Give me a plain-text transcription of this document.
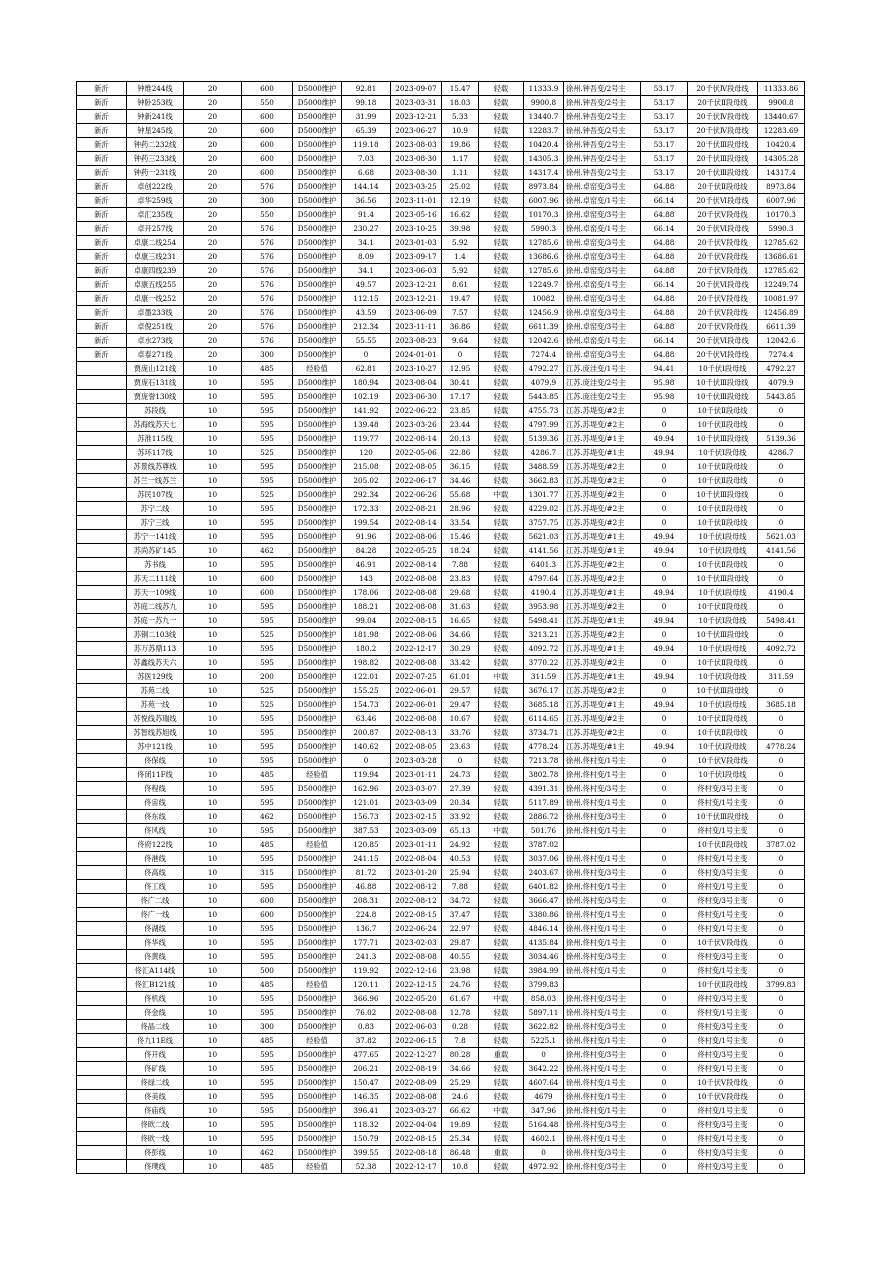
新沂	钟维244线	20	600	D5000维护	92.81	2023-09-07	15.47	轻载	11333.9	徐州.钟吾变/2号主	53.17	20千伏Ⅳ段母线	11333.86
新沂	钟卧253线	20	550	D5000维护	99.18	2023-03-31	18.03	轻载	9900.8	徐州.钟吾变/2号主	53.17	20千伏Ⅱ段母线	9900.8
新沂	钟新241线	20	600	D5000维护	31.99	2023-12-21	5.33	轻载	13440.7	徐州.钟吾变/2号主	53.17	20千伏Ⅳ段母线	13440.67
新沂	钟星245线	20	600	D5000维护	65.39	2023-06-27	10.9	轻载	12283.7	徐州.钟吾变/2号主	53.17	20千伏Ⅳ段母线	12283.69
新沂	钟药二232线	20	600	D5000维护	119.18	2023-08-03	19.86	轻载	10420.4	徐州.钟吾变/2号主	53.17	20千伏Ⅲ段母线	10420.4
新沂	钟药三233线	20	600	D5000维护	7.03	2023-08-30	1.17	轻载	14305.3	徐州.钟吾变/2号主	53.17	20千伏Ⅲ段母线	14305.28
新沂	钟药一231线	20	600	D5000维护	6.68	2023-08-30	1.11	轻载	14317.4	徐州.钟吾变/2号主	53.17	20千伏Ⅲ段母线	14317.4
新沂	卓创222线	20	576	D5000维护	144.14	2023-03-25	25.02	轻载	8973.84	徐州.卓窑变/3号主	64.88	20千伏Ⅱ段母线	8973.84
新沂	卓华259线	20	300	D5000维护	36.56	2023-11-01	12.19	轻载	6007.96	徐州.卓窑变/1号主	66.14	20千伏Ⅵ段母线	6007.96
新沂	卓汇235线	20	550	D5000维护	91.4	2023-05-16	16.62	轻载	10170.3	徐州.卓窑变/3号主	64.88	20千伏Ⅴ段母线	10170.3
新沂	卓开257线	20	576	D5000维护	230.27	2023-10-25	39.98	轻载	5990.3	徐州.卓窑变/1号主	66.14	20千伏Ⅵ段母线	5990.3
新沂	卓康二线254	20	576	D5000维护	34.1	2023-01-03	5.92	轻载	12785.6	徐州.卓窑变/3号主	64.88	20千伏Ⅴ段母线	12785.62
新沂	卓康三线231	20	576	D5000维护	8.09	2023-09-17	1.4	轻载	13686.6	徐州.卓窑变/3号主	64.88	20千伏Ⅴ段母线	13686.61
新沂	卓康四线239	20	576	D5000维护	34.1	2023-06-03	5.92	轻载	12785.6	徐州.卓窑变/3号主	64.88	20千伏Ⅴ段母线	12785.62
新沂	卓康五线255	20	576	D5000维护	49.57	2023-12-21	8.61	轻载	12249.7	徐州.卓窑变/1号主	66.14	20千伏Ⅵ段母线	12249.74
新沂	卓康一线252	20	576	D5000维护	112.15	2023-12-21	19.47	轻载	10082	徐州.卓窑变/3号主	64.88	20千伏Ⅴ段母线	10081.97
新沂	卓墨233线	20	576	D5000维护	43.59	2023-06-09	7.57	轻载	12456.9	徐州.卓窑变/3号主	64.88	20千伏Ⅴ段母线	12456.89
新沂	卓倪251线	20	576	D5000维护	212.34	2023-11-11	36.86	轻载	6611.39	徐州.卓窑变/3号主	64.88	20千伏Ⅴ段母线	6611.39
新沂	卓水273线	20	576	D5000维护	55.55	2023-08-23	9.64	轻载	12042.6	徐州.卓窑变/1号主	66.14	20千伏Ⅵ段母线	12042.6
新沂	卓泰271线	20	300	D5000维护	0	2024-01-01	0	轻载	7274.4	徐州.卓窑变/3号主	64.88	20千伏Ⅵ段母线	7274.4
	贾庞山121线	10	485	经验值	62.81	2023-10-27	12.95	轻载	4792.27	江苏.庞洼变/1号主	94.41	10千伏Ⅰ段母线	4792.27
	贾庞石131线	10	595	D5000维护	180.94	2023-08-04	30.41	轻载	4079.9	江苏.庞洼变/2号主	95.98	10千伏Ⅲ段母线	4079.9
	贾庞誉130线	10	595	D5000维护	102.19	2023-06-30	17.17	轻载	5443.85	江苏.庞洼变/2号主	95.98	10千伏Ⅲ段母线	5443.85
	苏段线	10	595	D5000维护	141.92	2022-06-22	23.85	轻载	4755.73	江苏.苏堤变/#2主	0	10千伏Ⅱ段母线	0
	苏海线苏天七	10	595	D5000维护	139.48	2023-03-26	23.44	轻载	4797.99	江苏.苏堤变/#2主	0	10千伏Ⅱ段母线	0
	苏淮115线	10	595	D5000维护	119.77	2022-08-14	20.13	轻载	5139.36	江苏.苏堤变/#1主	49.94	10千伏Ⅲ段母线	5139.36
	苏环117线	10	525	D5000维护	120	2022-05-06	22.86	轻载	4286.7	江苏.苏堤变/#1主	49.94	10千伏Ⅰ段母线	4286.7
	苏景线苏尊线	10	595	D5000维护	215.08	2022-08-05	36.15	轻载	3488.59	江苏.苏堤变/#2主	0	10千伏Ⅱ段母线	0
	苏兰一线苏兰	10	595	D5000维护	205.02	2022-06-17	34.46	轻载	3662.83	江苏.苏堤变/#2主	0	10千伏Ⅱ段母线	0
	苏民107线	10	525	D5000维护	292.34	2022-06-26	55.68	中载	1301.77	江苏.苏堤变/#2主	0	10千伏Ⅲ段母线	0
	苏宁二线	10	595	D5000维护	172.33	2022-08-21	28.96	轻载	4229.02	江苏.苏堤变/#2主	0	10千伏Ⅱ段母线	0
	苏宁三线	10	595	D5000维护	199.54	2022-08-14	33.54	轻载	3757.75	江苏.苏堤变/#2主	0	10千伏Ⅱ段母线	0
	苏宁一141线	10	595	D5000维护	91.96	2022-08-06	15.46	轻载	5621.03	江苏.苏堤变/#1主	49.94	10千伏Ⅰ段母线	5621.03
	苏尚苏矿145	10	462	D5000维护	84.28	2022-05-25	18.24	轻载	4141.56	江苏.苏堤变/#1主	49.94	10千伏Ⅰ段母线	4141.56
	苏书线	10	595	D5000维护	46.91	2022-08-14	7.88	轻载	6401.3	江苏.苏堤变/#2主	0	10千伏Ⅱ段母线	0
	苏天二111线	10	600	D5000维护	143	2022-08-08	23.83	轻载	4797.64	江苏.苏堤变/#2主	0	10千伏Ⅲ段母线	0
	苏天一109线	10	600	D5000维护	178.06	2022-08-08	29.68	轻载	4190.4	江苏.苏堤变/#1主	49.94	10千伏Ⅰ段母线	4190.4
	苏庭二线苏九	10	595	D5000维护	188.21	2022-08-08	31.63	轻载	3953.98	江苏.苏堤变/#2主	0	10千伏Ⅱ段母线	0
	苏庭一苏九一	10	595	D5000维护	99.04	2022-08-15	16.65	轻载	5498.41	江苏.苏堤变/#1主	49.94	10千伏Ⅰ段母线	5498.41
	苏铜二103线	10	525	D5000维护	181.98	2022-08-06	34.66	轻载	3213.21	江苏.苏堤变/#2主	0	10千伏Ⅲ段母线	0
	苏万苏鼎113	10	595	D5000维护	180.2	2022-12-17	30.29	轻载	4092.72	江苏.苏堤变/#1主	49.94	10千伏Ⅰ段母线	4092.72
	苏鑫线苏天六	10	595	D5000维护	198.82	2022-08-08	33.42	轻载	3770.22	江苏.苏堤变/#2主	0	10千伏Ⅱ段母线	0
	苏医129线	10	200	D5000维护	122.01	2022-07-25	61.01	中载	311.59	江苏.苏堤变/#1主	49.94	10千伏Ⅰ段母线	311.59
	苏苑二线	10	525	D5000维护	155.25	2022-06-01	29.57	轻载	3676.17	江苏.苏堤变/#2主	0	10千伏Ⅲ段母线	0
	苏苑一线	10	525	D5000维护	154.73	2022-06-01	29.47	轻载	3685.18	江苏.苏堤变/#1主	49.94	10千伏Ⅰ段母线	3685.18
	苏悦线苏瑞线	10	595	D5000维护	63.46	2022-08-08	10.67	轻载	6114.65	江苏.苏堤变/#2主	0	10千伏Ⅱ段母线	0
	苏智线苏旭线	10	595	D5000维护	200.87	2022-08-13	33.76	轻载	3734.71	江苏.苏堤变/#2主	0	10千伏Ⅱ段母线	0
	苏中121线	10	595	D5000维护	140.62	2022-08-05	23.63	轻载	4778.24	江苏.苏堤变/#1主	49.94	10千伏Ⅰ段母线	4778.24
	佟保线	10	595	D5000维护	0	2023-03-28	0	轻载	7213.78	徐州.佟村变/1号主	0	10千伏Ⅴ段母线	0
	佟闭11F线	10	485	经验值	119.94	2023-01-11	24.73	轻载	3802.78	徐州.佟村变/1号主	0	10千伏Ⅰ段母线	0
	佟程线	10	595	D5000维护	162.96	2023-03-07	27.39	轻载	4391.31	徐州.佟村变/3号主	0	佟村变/3号主变	0
	佟宙线	10	595	D5000维护	121.01	2023-03-09	20.34	轻载	5117.89	徐州.佟村变/1号主	0	佟村变/1号主变	0
	佟东线	10	462	D5000维护	156.73	2023-02-15	33.92	轻载	2886.72	徐州.佟村变/3号主	0	10千伏Ⅲ段母线	0
	佟风线	10	595	D5000维护	387.53	2023-03-09	65.13	中载	501.76	徐州.佟村变/1号主	0	佟村变/1号主变	0
	佟府122线	10	485	经验值	120.85	2023-01-11	24.92	轻载	3787.02			10千伏Ⅱ段母线	3787.02
	佟港线	10	595	D5000维护	241.15	2022-08-04	40.53	轻载	3037.06	徐州.佟村变/1号主	0	佟村变/1号主变	0
	佟高线	10	315	D5000维护	81.72	2023-01-20	25.94	轻载	2403.67	徐州.佟村变/3号主	0	佟村变/3号主变	0
	佟工线	10	595	D5000维护	46.88	2022-08-12	7.88	轻载	6401.82	徐州.佟村变/1号主	0	佟村变/1号主变	0
	佟广二线	10	600	D5000维护	208.31	2022-08-12	34.72	轻载	3666.47	徐州.佟村变/3号主	0	佟村变/3号主变	0
	佟广一线	10	600	D5000维护	224.8	2022-08-15	37.47	轻载	3380.86	徐州.佟村变/1号主	0	佟村变/1号主变	0
	佟湖线	10	595	D5000维护	136.7	2022-06-24	22.97	轻载	4846.14	徐州.佟村变/1号主	0	佟村变/1号主变	0
	佟华线	10	595	D5000维护	177.71	2023-02-03	29.87	轻载	4135.84	徐州.佟村变/1号主	0	10千伏Ⅴ段母线	0
	佟黄线	10	595	D5000维护	241.3	2022-08-08	40.55	轻载	3034.46	徐州.佟村变/3号主	0	佟村变/3号主变	0
	佟汇A114线	10	500	D5000维护	119.92	2022-12-16	23.98	轻载	3984.99	徐州.佟村变/1号主	0	佟村变/1号主变	0
	佟汇B121线	10	485	经验值	120.11	2022-12-15	24.76	轻载	3799.83			10千伏Ⅱ段母线	3799.83
	佟机线	10	595	D5000维护	366.96	2022-05-20	61.67	中载	858.03	徐州.佟村变/3号主	0	佟村变/3号主变	0
	佟金线	10	595	D5000维护	76.02	2022-08-08	12.78	轻载	5897.11	徐州.佟村变/1号主	0	佟村变/1号主变	0
	佟晶二线	10	300	D5000维护	0.83	2022-06-03	0.28	轻载	3622.82	徐州.佟村变/3号主	0	佟村变/3号主变	0
	佟九11E线	10	485	经验值	37.82	2022-06-15	7.8	轻载	5225.1	徐州.佟村变/1号主	0	佟村变/1号主变	0
	佟开线	10	595	D5000维护	477.65	2022-12-27	80.28	重载	0	徐州.佟村变/3号主	0	佟村变/3号主变	0
	佟矿线	10	595	D5000维护	206.21	2022-08-19	34.66	轻载	3642.22	徐州.佟村变/1号主	0	佟村变/1号主变	0
	佟绿二线	10	595	D5000维护	150.47	2022-08-09	25.29	轻载	4607.64	徐州.佟村变/1号主	0	10千伏Ⅴ段母线	0
	佟美线	10	595	D5000维护	146.35	2022-08-08	24.6	轻载	4679	徐州.佟村变/1号主	0	10千伏Ⅴ段母线	0
	佟庙线	10	595	D5000维护	396.41	2023-03-27	66.62	中载	347.96	徐州.佟村变/1号主	0	佟村变/1号主变	0
	佟欧二线	10	595	D5000维护	118.32	2022-04-04	19.89	轻载	5164.48	徐州.佟村变/3号主	0	佟村变/3号主变	0
	佟欧一线	10	595	D5000维护	150.79	2022-08-15	25.34	轻载	4602.1	徐州.佟村变/1号主	0	佟村变/1号主变	0
	佟彭线	10	462	D5000维护	399.55	2022-08-18	86.48	重载	0	徐州.佟村变/3号主	0	佟村变/3号主变	0
	佟璞线	10	485	经验值	52.38	2022-12-17	10.8	轻载	4972.92	徐州.佟村变/3号主	0	佟村变/3号主变	0
